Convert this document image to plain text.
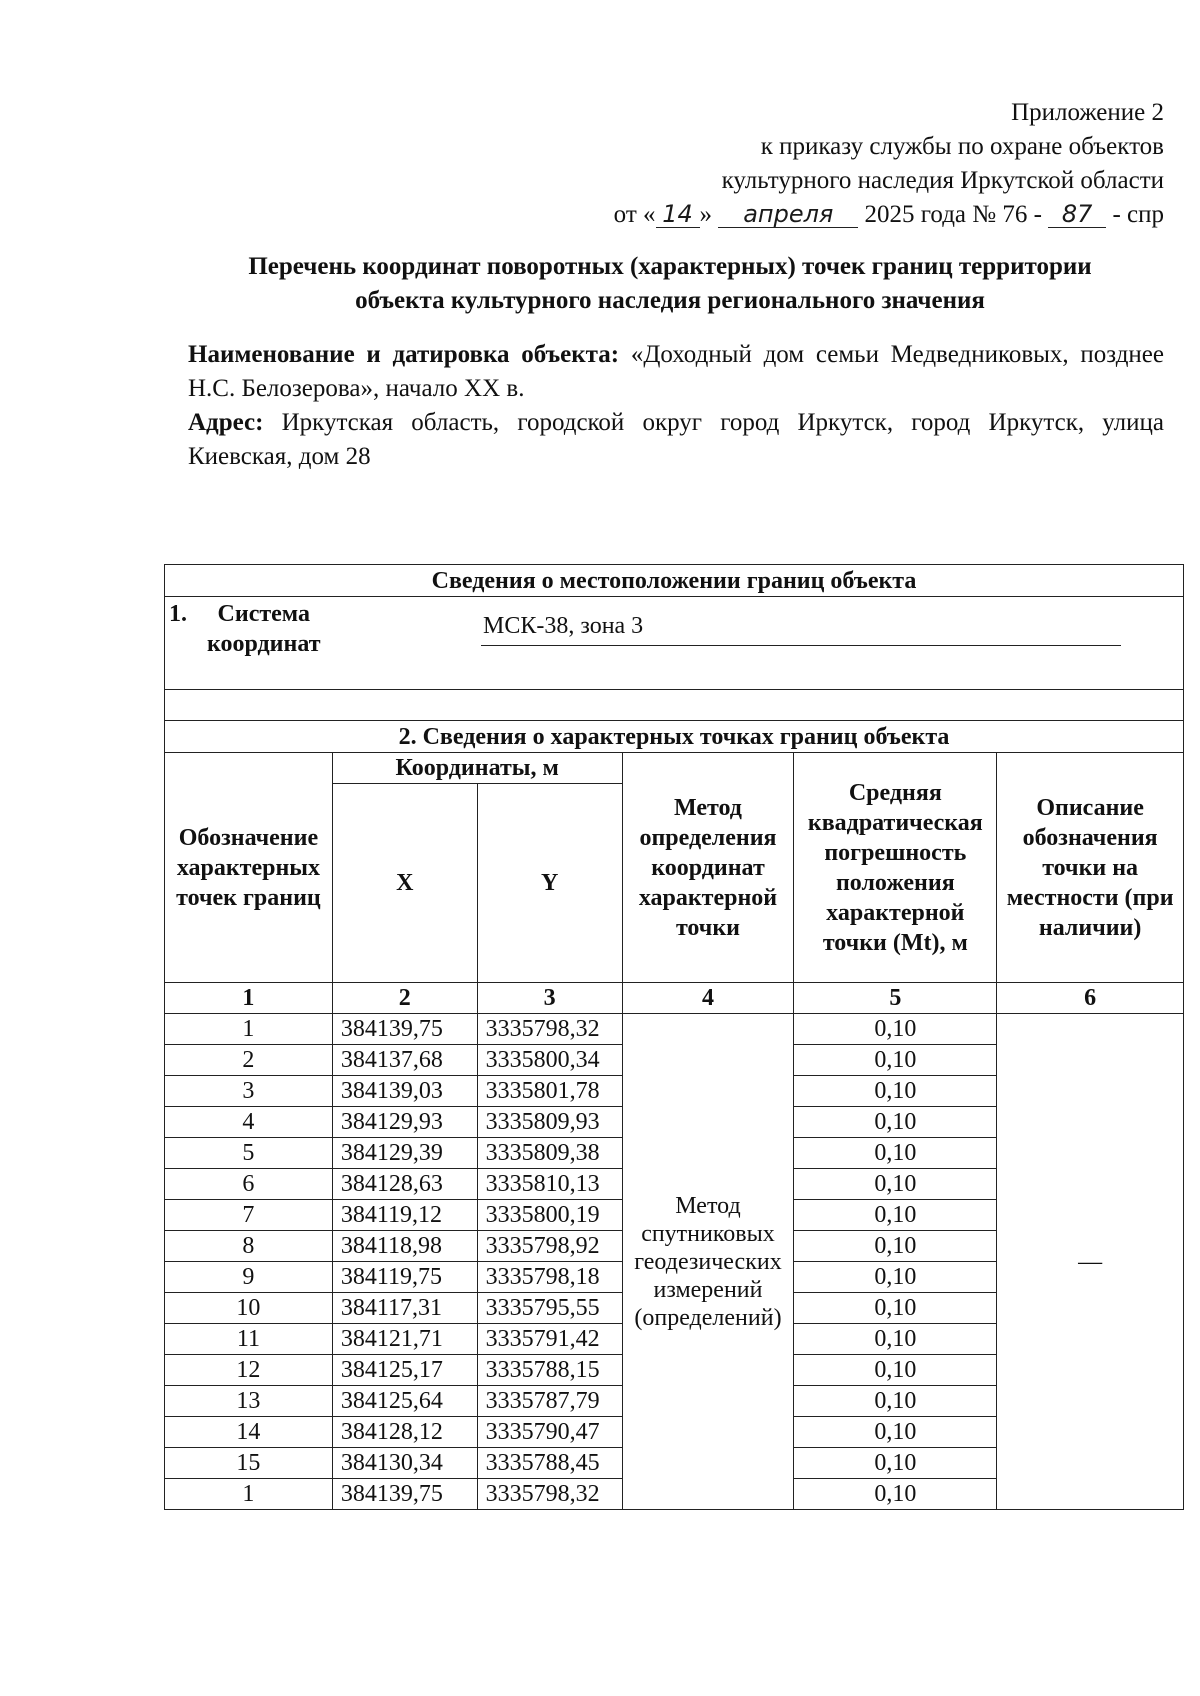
Приложение 2
к приказу службы по охране объектов
культурного наследия Иркутской области
от « 14 » апреля 2025 года № 76 - 87 - спр
Перечень координат поворотных (характерных) точек границ территории
объекта культурного наследия регионального значения

Наименование и датировка объекта: «Доходный дом семьи Медведниковых, позднее Н.С. Белозерова», начало XX в.

Адрес: Иркутская область, городской округ город Иркутск, город Иркутск, улица Киевская, дом 28

Сведения о местоположении границ объекта					

1. Система
координат
МСК-38, зона 3					

2. Сведения о характерных точках границ объекта					
Обозначение характерных точек границ	Координаты, м		Метод определения координат характерной точки	Средняя квадратическая погрешность положения характерной точки (Mt), м	Описание обозначения точки на местности (при наличии)
	X	Y			
1	2	3	4	5	6
1	384139,75	3335798,32	Метод спутниковых геодезических измерений (определений)	0,10	—
2	384137,68	3335800,34		0,10	
3	384139,03	3335801,78		0,10	
4	384129,93	3335809,93		0,10	
5	384129,39	3335809,38		0,10	
6	384128,63	3335810,13		0,10	
7	384119,12	3335800,19		0,10	
8	384118,98	3335798,92		0,10	
9	384119,75	3335798,18		0,10	
10	384117,31	3335795,55		0,10	
11	384121,71	3335791,42		0,10	
12	384125,17	3335788,15		0,10	
13	384125,64	3335787,79		0,10	
14	384128,12	3335790,47		0,10	
15	384130,34	3335788,45		0,10	
1	384139,75	3335798,32		0,10	
